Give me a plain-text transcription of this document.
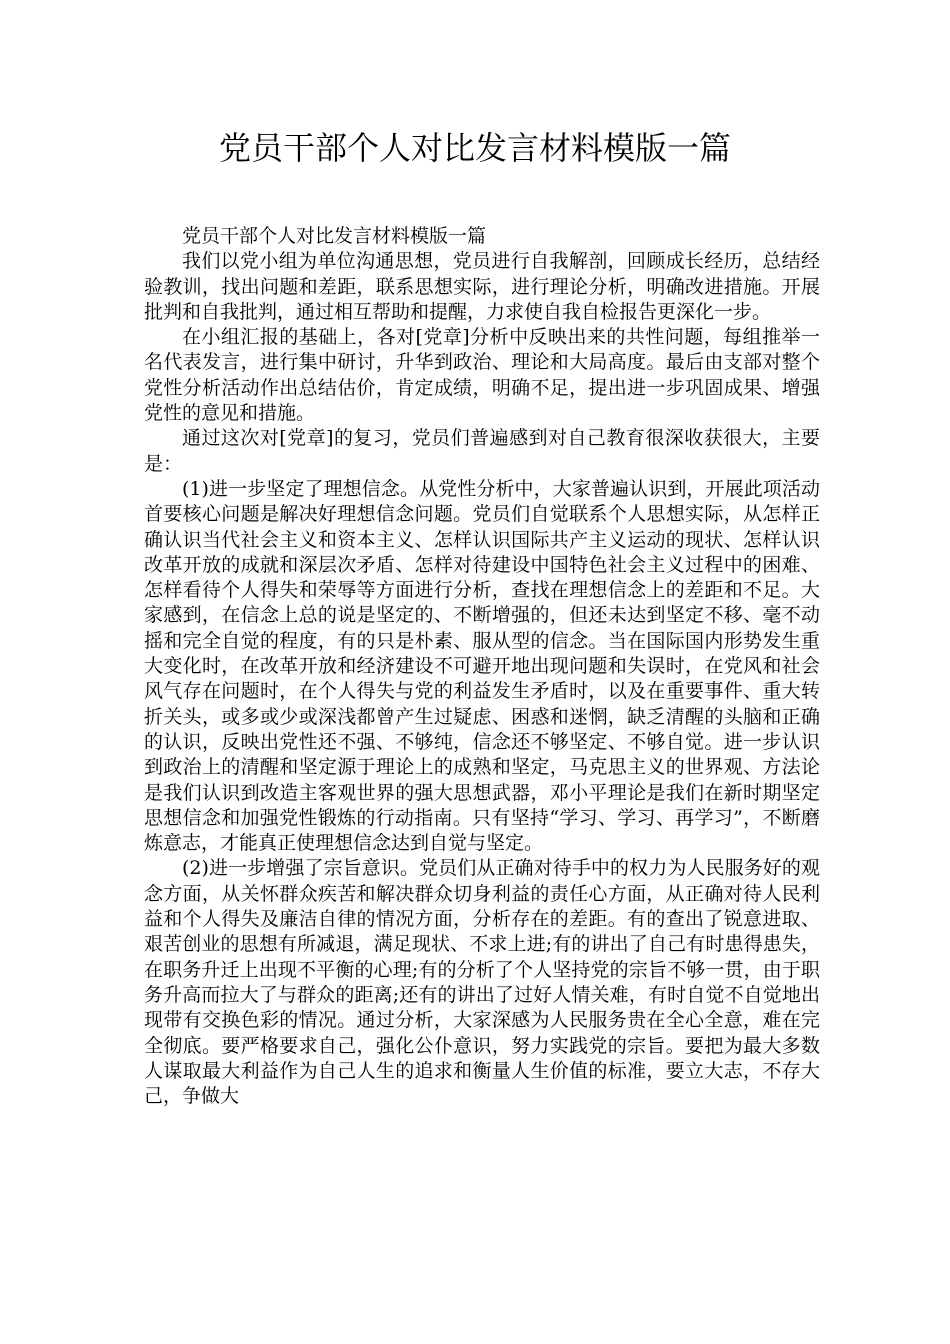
党员干部个人对比发言材料模版一篇

党员干部个人对比发言材料模版一篇

我们以党小组为单位沟通思想，党员进行自我解剖，回顾成长经历，总结经验教训，找出问题和差距，联系思想实际，进行理论分析，明确改进措施。开展批判和自我批判，通过相互帮助和提醒，力求使自我自检报告更深化一步。

在小组汇报的基础上，各对[党章]分析中反映出来的共性问题，每组推举一名代表发言，进行集中研讨，升华到政治、理论和大局高度。最后由支部对整个党性分析活动作出总结估价，肯定成绩，明确不足，提出进一步巩固成果、增强党性的意见和措施。

通过这次对[党章]的复习，党员们普遍感到对自己教育很深收获很大，主要是：

(1)进一步坚定了理想信念。从党性分析中，大家普遍认识到，开展此项活动首要核心问题是解决好理想信念问题。党员们自觉联系个人思想实际，从怎样正确认识当代社会主义和资本主义、怎样认识国际共产主义运动的现状、怎样认识改革开放的成就和深层次矛盾、怎样对待建设中国特色社会主义过程中的困难、怎样看待个人得失和荣辱等方面进行分析，查找在理想信念上的差距和不足。大家感到，在信念上总的说是坚定的、不断增强的，但还未达到坚定不移、毫不动摇和完全自觉的程度，有的只是朴素、服从型的信念。当在国际国内形势发生重大变化时，在改革开放和经济建设不可避开地出现问题和失误时，在党风和社会风气存在问题时，在个人得失与党的利益发生矛盾时，以及在重要事件、重大转折关头，或多或少或深浅都曾产生过疑虑、困惑和迷惘，缺乏清醒的头脑和正确的认识，反映出党性还不强、不够纯，信念还不够坚定、不够自觉。进一步认识到政治上的清醒和坚定源于理论上的成熟和坚定，马克思主义的世界观、方法论是我们认识到改造主客观世界的强大思想武器，邓小平理论是我们在新时期坚定思想信念和加强党性锻炼的行动指南。只有坚持“学习、学习、再学习”，不断磨炼意志，才能真正使理想信念达到自觉与坚定。

(2)进一步增强了宗旨意识。党员们从正确对待手中的权力为人民服务好的观念方面，从关怀群众疾苦和解决群众切身利益的责任心方面，从正确对待人民利益和个人得失及廉洁自律的情况方面，分析存在的差距。有的查出了锐意进取、艰苦创业的思想有所减退，满足现状、不求上进;有的讲出了自己有时患得患失，在职务升迁上出现不平衡的心理;有的分析了个人坚持党的宗旨不够一贯，由于职务升高而拉大了与群众的距离;还有的讲出了过好人情关难，有时自觉不自觉地出现带有交换色彩的情况。通过分析，大家深感为人民服务贵在全心全意，难在完全彻底。要严格要求自己，强化公仆意识，努力实践党的宗旨。要把为最大多数人谋取最大利益作为自己人生的追求和衡量人生价值的标准，要立大志，不存大己，争做大
